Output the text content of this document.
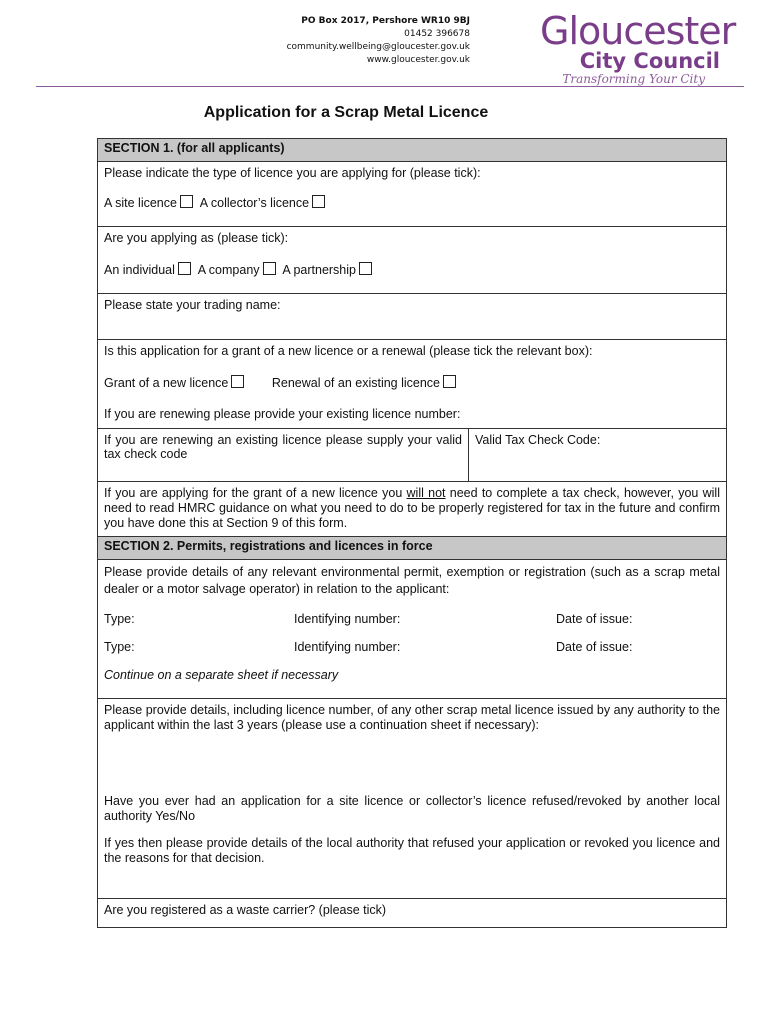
PO Box 2017, Pershore WR10 9BJ
01452 396678
community.wellbeing@gloucester.gov.uk
www.gloucester.gov.uk
Gloucester
City Council
Transforming Your City
Application for a Scrap Metal Licence
SECTION 1. (for all applicants)

Please indicate the type of licence you are applying for (please tick):

A site licence A collector’s licence

Are you applying as (please tick):

An individual A company A partnership

Please state your trading name:

Is this application for a grant of a new licence or a renewal (please tick the relevant box):

Grant of a new licence	Renewal of an existing licence

If you are renewing please provide your existing licence number:

If you are renewing an existing licence please supply your valid tax check code
Valid Tax Check Code:

If you are applying for the grant of a new licence you will not need to complete a tax check, however, you will need to read HMRC guidance on what you need to do to be properly registered for tax in the future and confirm you have done this at Section 9 of this form.

SECTION 2. Permits, registrations and licences in force

Please provide details of any relevant environmental permit, exemption or registration (such as a scrap metal dealer or a motor salvage operator) in relation to the applicant:

Type:	Identifying number:	Date of issue:
Type:	Identifying number:	Date of issue:

Continue on a separate sheet if necessary

Please provide details, including licence number, of any other scrap metal licence issued by any authority to the applicant within the last 3 years (please use a continuation sheet if necessary):

Have you ever had an application for a site licence or collector’s licence refused/revoked by another local authority Yes/No

If yes then please provide details of the local authority that refused your application or revoked you licence and the reasons for that decision.

Are you registered as a waste carrier? (please tick)
